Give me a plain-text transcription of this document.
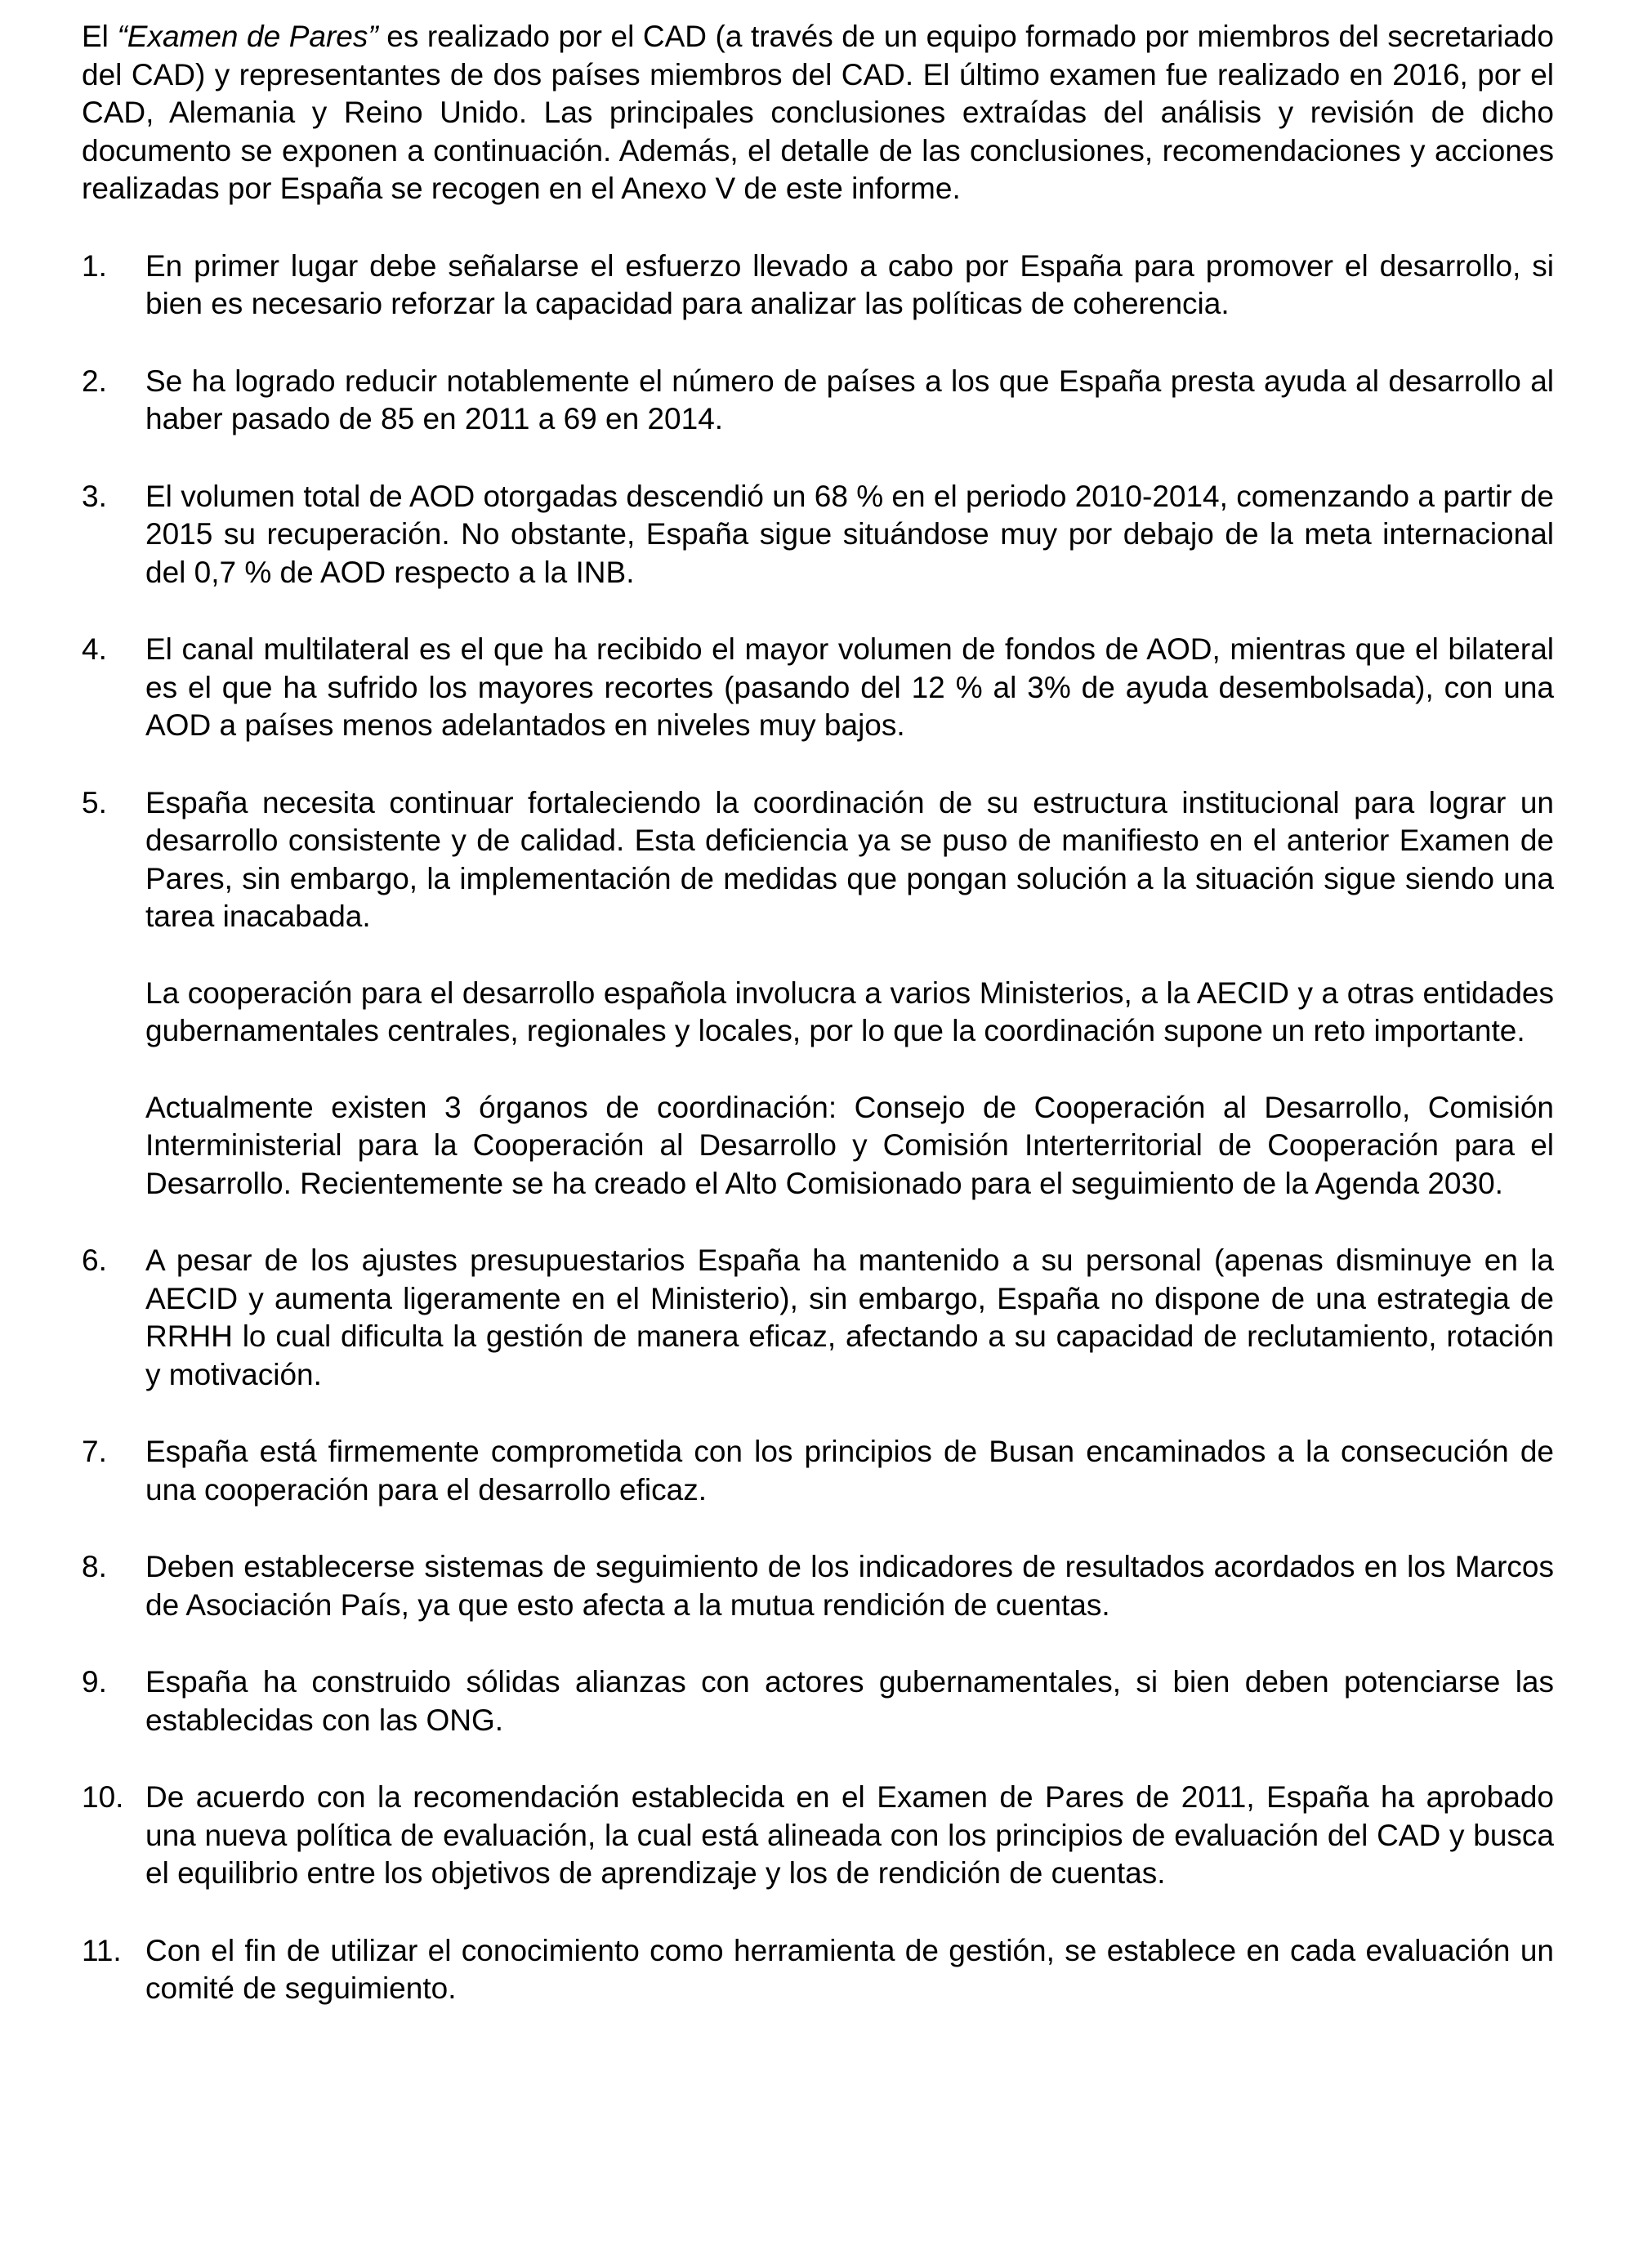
El “Examen de Pares” es realizado por el CAD (a través de un equipo formado por miembros del secretariado del CAD) y representantes de dos países miembros del CAD. El último examen fue realizado en 2016, por el CAD, Alemania y Reino Unido. Las principales conclusiones extraídas del análisis y revisión de dicho documento se exponen a continuación. Además, el detalle de las conclusiones, recomendaciones y acciones realizadas por España se recogen en el Anexo V de este informe.

1. En primer lugar debe señalarse el esfuerzo llevado a cabo por España para promover el desarrollo, si bien es necesario reforzar la capacidad para analizar las políticas de coherencia.

2. Se ha logrado reducir notablemente el número de países a los que España presta ayuda al desarrollo al haber pasado de 85 en 2011 a 69 en 2014.

3. El volumen total de AOD otorgadas descendió un 68 % en el periodo 2010-2014, comenzando a partir de 2015 su recuperación. No obstante, España sigue situándose muy por debajo de la meta internacional del 0,7 % de AOD respecto a la INB.

4. El canal multilateral es el que ha recibido el mayor volumen de fondos de AOD, mientras que el bilateral es el que ha sufrido los mayores recortes (pasando del 12 % al 3% de ayuda desembolsada), con una AOD a países menos adelantados en niveles muy bajos.

5. España necesita continuar fortaleciendo la coordinación de su estructura institucional para lograr un desarrollo consistente y de calidad. Esta deficiencia ya se puso de manifiesto en el anterior Examen de Pares, sin embargo, la implementación de medidas que pongan solución a la situación sigue siendo una tarea inacabada.

La cooperación para el desarrollo española involucra a varios Ministerios, a la AECID y a otras entidades gubernamentales centrales, regionales y locales, por lo que la coordinación supone un reto importante.

Actualmente existen 3 órganos de coordinación: Consejo de Cooperación al Desarrollo, Comisión Interministerial para la Cooperación al Desarrollo y Comisión Interterritorial de Cooperación para el Desarrollo. Recientemente se ha creado el Alto Comisionado para el seguimiento de la Agenda 2030.

6. A pesar de los ajustes presupuestarios España ha mantenido a su personal (apenas disminuye en la AECID y aumenta ligeramente en el Ministerio), sin embargo, España no dispone de una estrategia de RRHH lo cual dificulta la gestión de manera eficaz, afectando a su capacidad de reclutamiento, rotación y motivación.

7. España está firmemente comprometida con los principios de Busan encaminados a la consecución de una cooperación para el desarrollo eficaz.

8. Deben establecerse sistemas de seguimiento de los indicadores de resultados acordados en los Marcos de Asociación País, ya que esto afecta a la mutua rendición de cuentas.

9. España ha construido sólidas alianzas con actores gubernamentales, si bien deben potenciarse las establecidas con las ONG.

10. De acuerdo con la recomendación establecida en el Examen de Pares de 2011, España ha aprobado una nueva política de evaluación, la cual está alineada con los principios de evaluación del CAD y busca el equilibrio entre los objetivos de aprendizaje y los de rendición de cuentas.

11. Con el fin de utilizar el conocimiento como herramienta de gestión, se establece en cada evaluación un comité de seguimiento.
